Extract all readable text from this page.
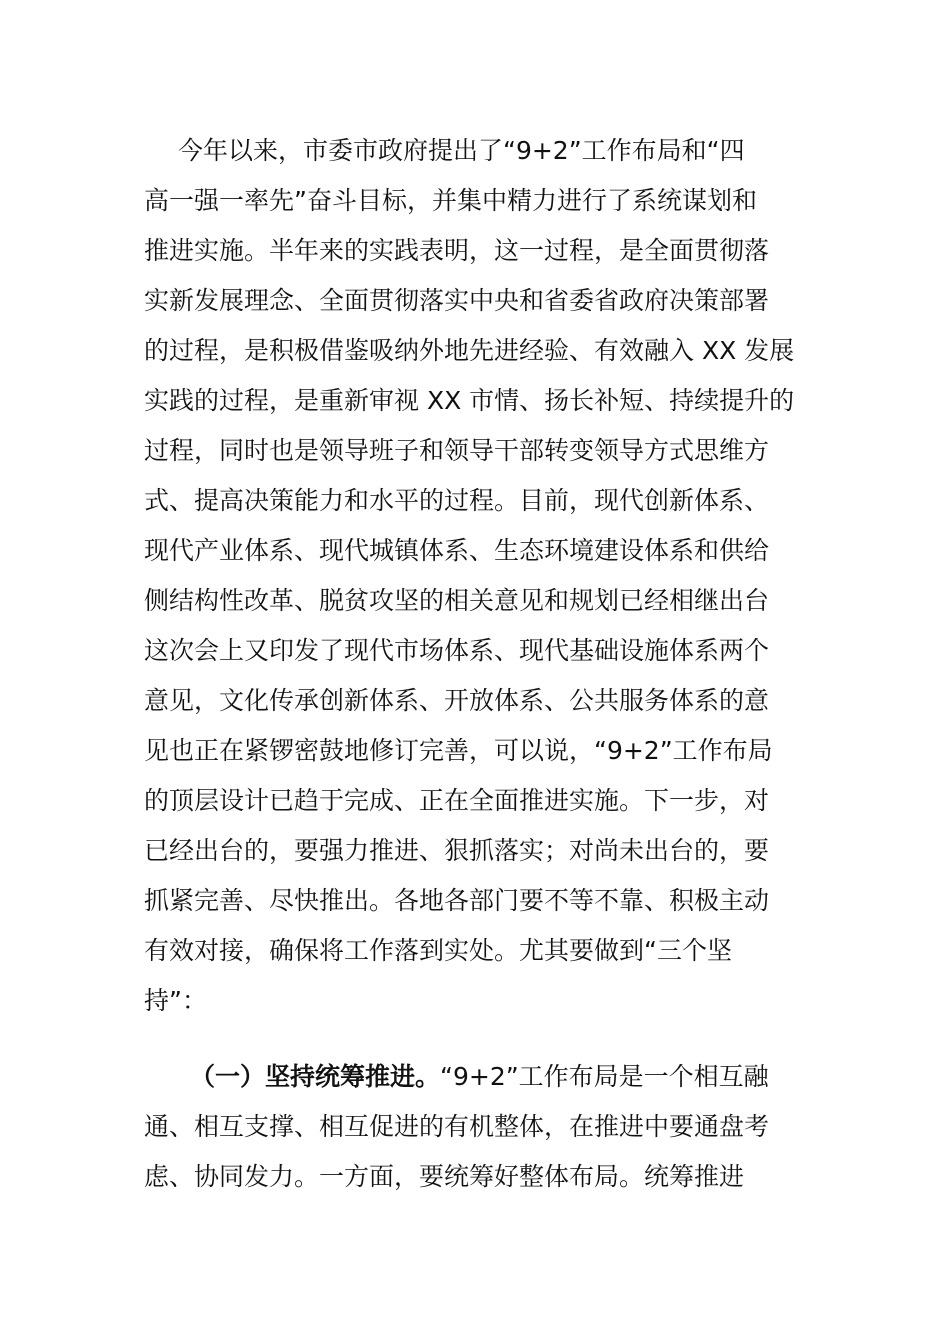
今年以来，市委市政府提出了“9+2”工作布局和“四
高一强一率先”奋斗目标，并集中精力进行了系统谋划和
推进实施。半年来的实践表明，这一过程，是全面贯彻落
实新发展理念、全面贯彻落实中央和省委省政府决策部署
的过程，是积极借鉴吸纳外地先进经验、有效融入 XX 发展
实践的过程，是重新审视 XX 市情、扬长补短、持续提升的
过程，同时也是领导班子和领导干部转变领导方式思维方
式、提高决策能力和水平的过程。目前，现代创新体系、
现代产业体系、现代城镇体系、生态环境建设体系和供给
侧结构性改革、脱贫攻坚的相关意见和规划已经相继出台
这次会上又印发了现代市场体系、现代基础设施体系两个
意见，文化传承创新体系、开放体系、公共服务体系的意
见也正在紧锣密鼓地修订完善，可以说，“9+2”工作布局
的顶层设计已趋于完成、正在全面推进实施。下一步，对
已经出台的，要强力推进、狠抓落实；对尚未出台的，要
抓紧完善、尽快推出。各地各部门要不等不靠、积极主动
有效对接，确保将工作落到实处。尤其要做到“三个坚
持”：
（一）坚持统筹推进。“9+2”工作布局是一个相互融
通、相互支撑、相互促进的有机整体，在推进中要通盘考
虑、协同发力。一方面，要统筹好整体布局。统筹推进
